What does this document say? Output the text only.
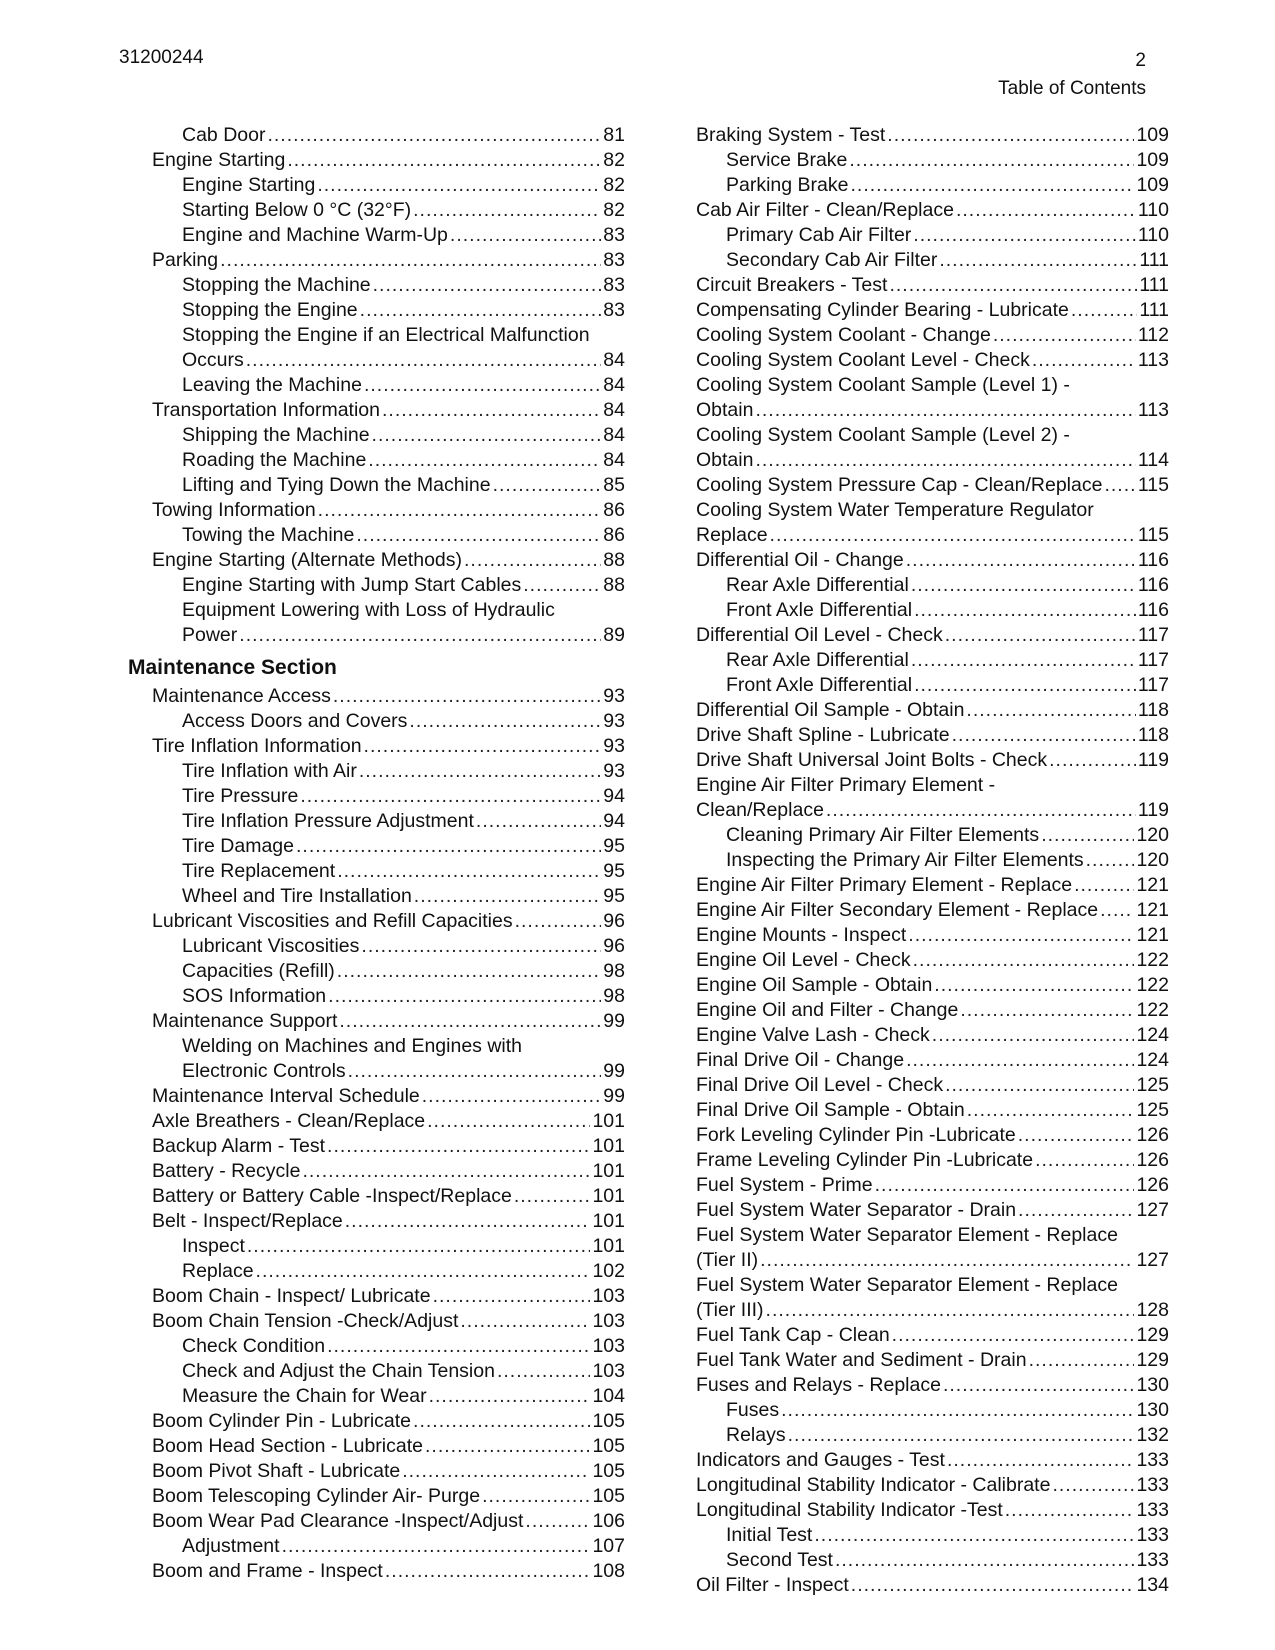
31200244	2
Table of Contents
Cab Door .....	81
Engine Starting .....	82
Engine Starting .....	82
Starting Below 0 °C (32°F) .....	82
Engine and Machine Warm-Up .....	83
Parking .....	83
Stopping the Machine .....	83
Stopping the Engine .....	83
Stopping the Engine if an Electrical Malfunction
Occurs .....	84
Leaving the Machine .....	84
Transportation Information .....	84
Shipping the Machine .....	84
Roading the Machine .....	84
Lifting and Tying Down the Machine .....	85
Towing Information .....	86
Towing the Machine .....	86
Engine Starting (Alternate Methods) .....	88
Engine Starting with Jump Start Cables .....	88
Equipment Lowering with Loss of Hydraulic
Power .....	89
Maintenance Section
Maintenance Access .....	93
Access Doors and Covers .....	93
Tire Inflation Information .....	93
Tire Inflation with Air .....	93
Tire Pressure .....	94
Tire Inflation Pressure Adjustment .....	94
Tire Damage .....	95
Tire Replacement .....	95
Wheel and Tire Installation .....	95
Lubricant Viscosities and Refill Capacities .....	96
Lubricant Viscosities .....	96
Capacities (Refill) .....	98
SOS Information .....	98
Maintenance Support .....	99
Welding on Machines and Engines with
Electronic Controls .....	99
Maintenance Interval Schedule .....	99
Axle Breathers - Clean/Replace .....	101
Backup Alarm - Test .....	101
Battery - Recycle .....	101
Battery or Battery Cable -Inspect/Replace .....	101
Belt - Inspect/Replace .....	101
Inspect .....	101
Replace .....	102
Boom Chain - Inspect/ Lubricate .....	103
Boom Chain Tension -Check/Adjust .....	103
Check Condition .....	103
Check and Adjust the Chain Tension .....	103
Measure the Chain for Wear .....	104
Boom Cylinder Pin - Lubricate .....	105
Boom Head Section - Lubricate .....	105
Boom Pivot Shaft - Lubricate .....	105
Boom Telescoping Cylinder Air- Purge .....	105
Boom Wear Pad Clearance -Inspect/Adjust .....	106
Adjustment .....	107
Boom and Frame - Inspect .....	108
Braking System - Test .....	109
Service Brake .....	109
Parking Brake .....	109
Cab Air Filter - Clean/Replace .....	110
Primary Cab Air Filter .....	110
Secondary Cab Air Filter .....	111
Circuit Breakers - Test .....	111
Compensating Cylinder Bearing - Lubricate .....	111
Cooling System Coolant - Change .....	112
Cooling System Coolant Level - Check .....	113
Cooling System Coolant Sample (Level 1) -
Obtain .....	113
Cooling System Coolant Sample (Level 2) -
Obtain .....	114
Cooling System Pressure Cap - Clean/Replace ..... 115
Cooling System Water Temperature Regulator
Replace .....	115
Differential Oil - Change .....	116
Rear Axle Differential .....	116
Front Axle Differential .....	116
Differential Oil Level - Check .....	117
Rear Axle Differential .....	117
Front Axle Differential .....	117
Differential Oil Sample - Obtain .....	118
Drive Shaft Spline - Lubricate .....	118
Drive Shaft Universal Joint Bolts - Check .....	119
Engine Air Filter Primary Element -
Clean/Replace .....	119
Cleaning Primary Air Filter Elements .....	120
Inspecting the Primary Air Filter Elements .....	120
Engine Air Filter Primary Element - Replace .....	121
Engine Air Filter Secondary Element - Replace ..... 121
Engine Mounts - Inspect .....	121
Engine Oil Level - Check .....	122
Engine Oil Sample - Obtain .....	122
Engine Oil and Filter - Change .....	122
Engine Valve Lash - Check .....	124
Final Drive Oil - Change .....	124
Final Drive Oil Level - Check .....	125
Final Drive Oil Sample - Obtain .....	125
Fork Leveling Cylinder Pin -Lubricate .....	126
Frame Leveling Cylinder Pin -Lubricate .....	126
Fuel System - Prime .....	126
Fuel System Water Separator - Drain .....	127
Fuel System Water Separator Element - Replace
(Tier II) .....	127
Fuel System Water Separator Element - Replace
(Tier III) .....	128
Fuel Tank Cap - Clean .....	129
Fuel Tank Water and Sediment - Drain .....	129
Fuses and Relays - Replace .....	130
Fuses .....	130
Relays .....	132
Indicators and Gauges - Test .....	133
Longitudinal Stability Indicator - Calibrate .....	133
Longitudinal Stability Indicator -Test .....	133
Initial Test .....	133
Second Test .....	133
Oil Filter - Inspect .....	134
